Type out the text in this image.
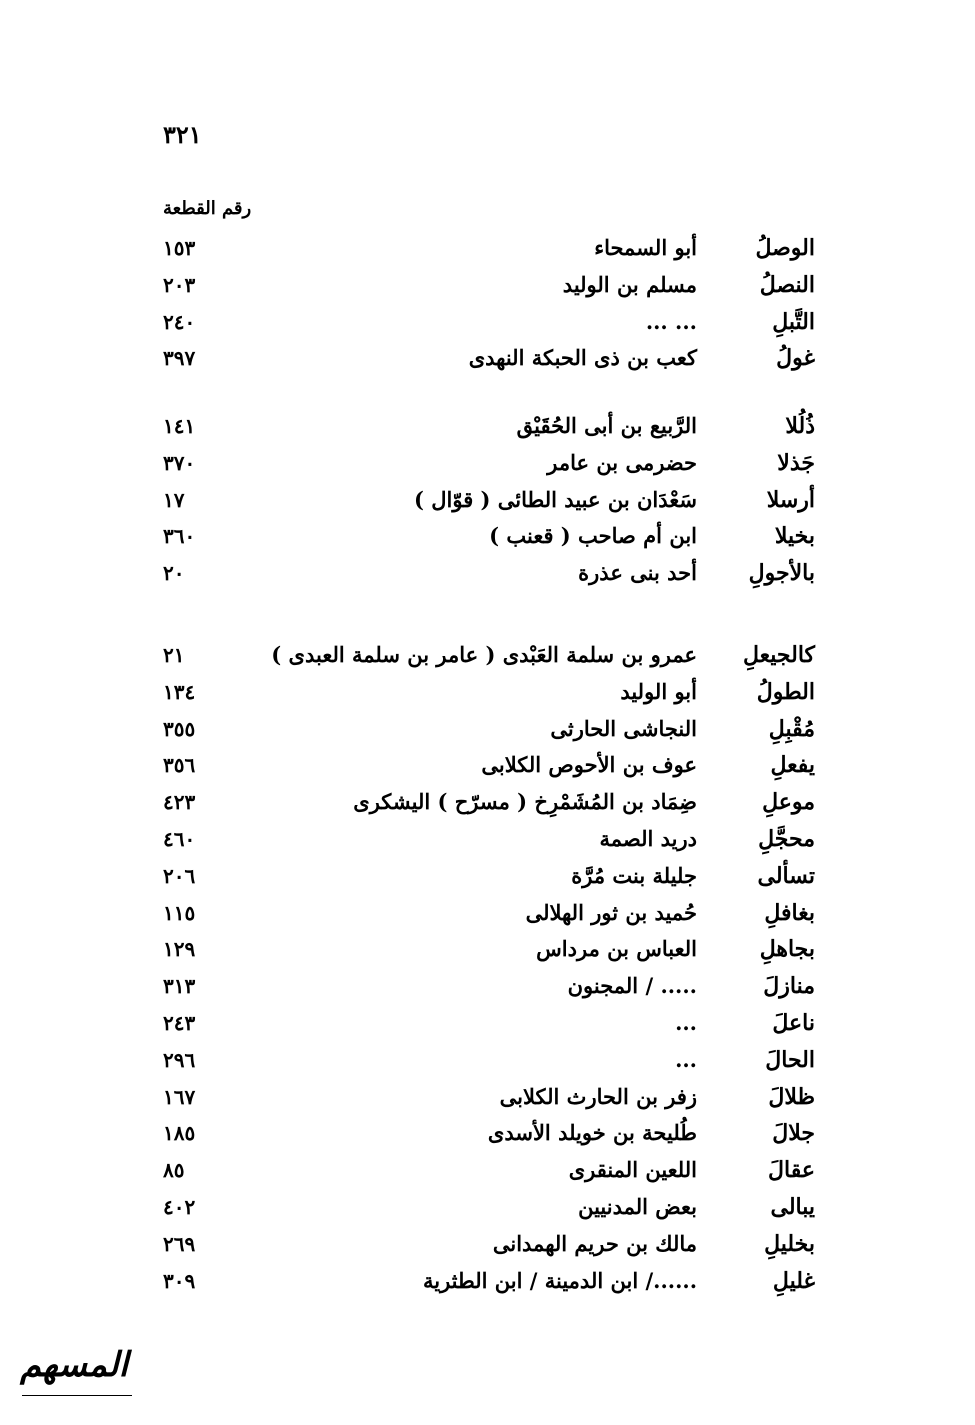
٣٢١
رقم القطعة
الوصلُ
أبو السمحاء
١٥٣
النصلُ
مسلم بن الوليد
٢٠٣
التَّبلِ
... ...
٢٤٠
غولُ
كعب بن ذى الحبكة النهدى
٣٩٧
ذُلُلا
الرَّبيع بن أبى الحُقَيْق
١٤١
جَذلا
حضرمى بن عامر
٣٧٠
أرسلا
سَعْدَان بن عبيد الطائى ( قوّال )
١٧
بخيلا
ابن أم صاحب ( قعنب )
٣٦٠
بالأجولِ
أحد بنى عذرة
٢٠
كالجيعلِ
عمرو بن سلمة العَبْدى ( عامر بن سلمة العبدى )
٢١
الطولُ
أبو الوليد
١٣٤
مُقْبِلِ
النجاشى الحارثى
٣٥٥
يفعلِ
عوف بن الأحوص الكلابى
٣٥٦
موعلِ
ضِمَاد بن المُشَمْرِخ ( مسرّح ) اليشكرى
٤٢٣
محجَّلِ
دريد الصمة
٤٦٠
تسألى
جليلة بنت مُرَّة
٢٠٦
بغافلِ
حُميد بن ثور الهلالى
١١٥
بجاهلِ
العباس بن مرداس
١٢٩
منازلَ
..... / المجنون
٣١٣
ناعلَ
...
٢٤٣
الحالَ
...
٢٩٦
ظلالَ
زفر بن الحارث الكلابى
١٦٧
جلالَ
طُليحة بن خويلد الأسدى
١٨٥
عقالَ
اللعين المنقرى
٨٥
يبالى
بعض المدنيين
٤٠٢
بخليلِ
مالك بن حريم الهمدانى
٢٦٩
غليلِ
....../ ابن الدمينة / ابن الطثرية
٣٠٩
المسهم
